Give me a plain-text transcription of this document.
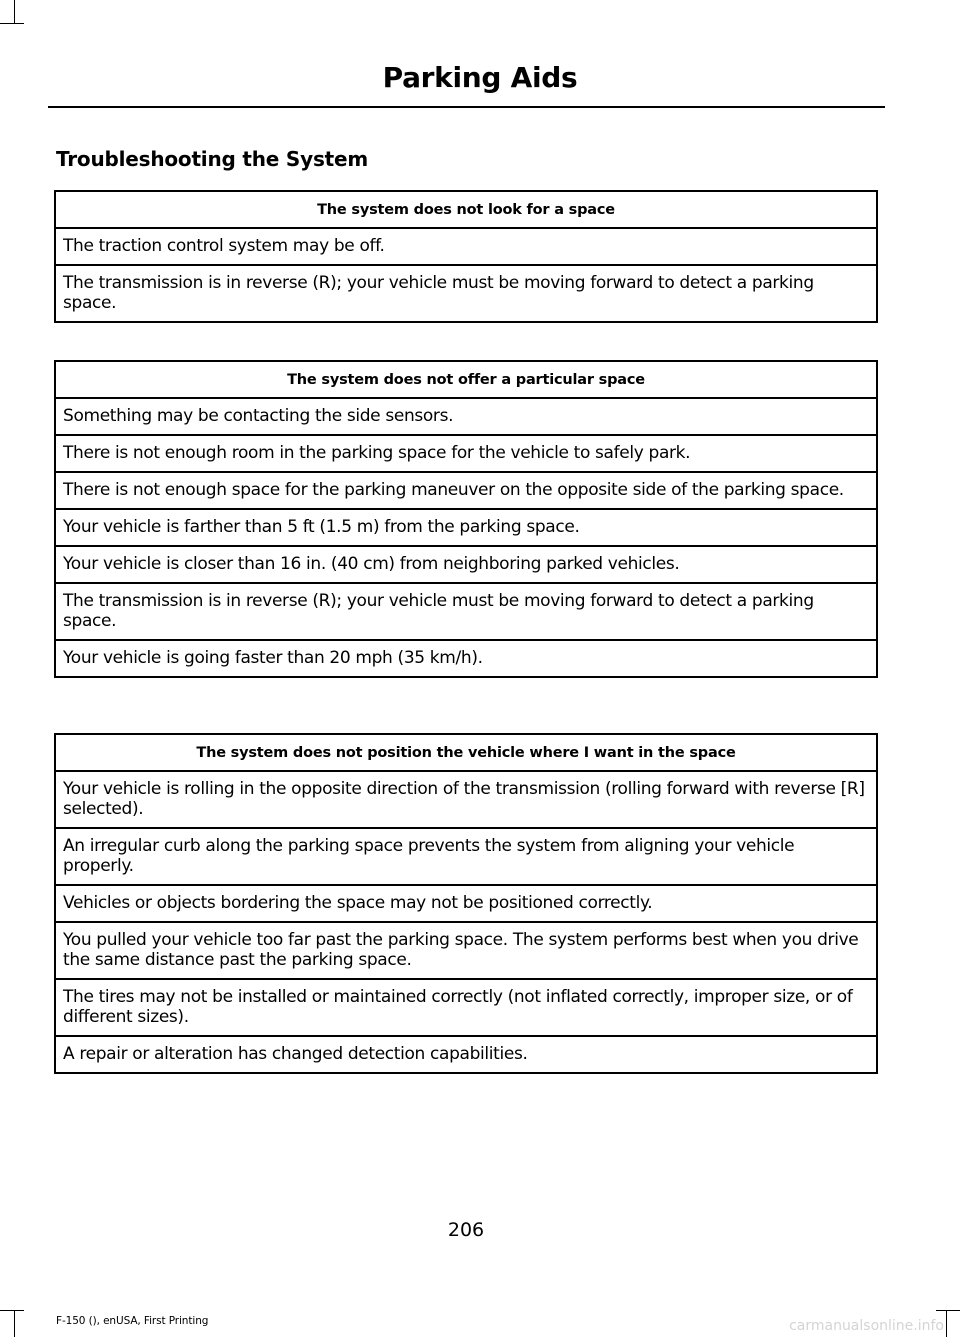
Parking Aids
Troubleshooting the System
The system does not look for a space
The traction control system may be off.
The transmission is in reverse (R); your vehicle must be moving forward to detect a parking space.
The system does not offer a particular space
Something may be contacting the side sensors.
There is not enough room in the parking space for the vehicle to safely park.
There is not enough space for the parking maneuver on the opposite side of the parking space.
Your vehicle is farther than 5 ft (1.5 m) from the parking space.
Your vehicle is closer than 16 in. (40 cm) from neighboring parked vehicles.
The transmission is in reverse (R); your vehicle must be moving forward to detect a parking space.
Your vehicle is going faster than 20 mph (35 km/h).
The system does not position the vehicle where I want in the space
Your vehicle is rolling in the opposite direction of the transmission (rolling forward with reverse [R] selected).
An irregular curb along the parking space prevents the system from aligning your vehicle properly.
Vehicles or objects bordering the space may not be positioned correctly.
You pulled your vehicle too far past the parking space. The system performs best when you drive the same distance past the parking space.
The tires may not be installed or maintained correctly (not inflated correctly, improper size, or of different sizes).
A repair or alteration has changed detection capabilities.
206
F-150 (), enUSA, First Printing	carmanualsonline.info
